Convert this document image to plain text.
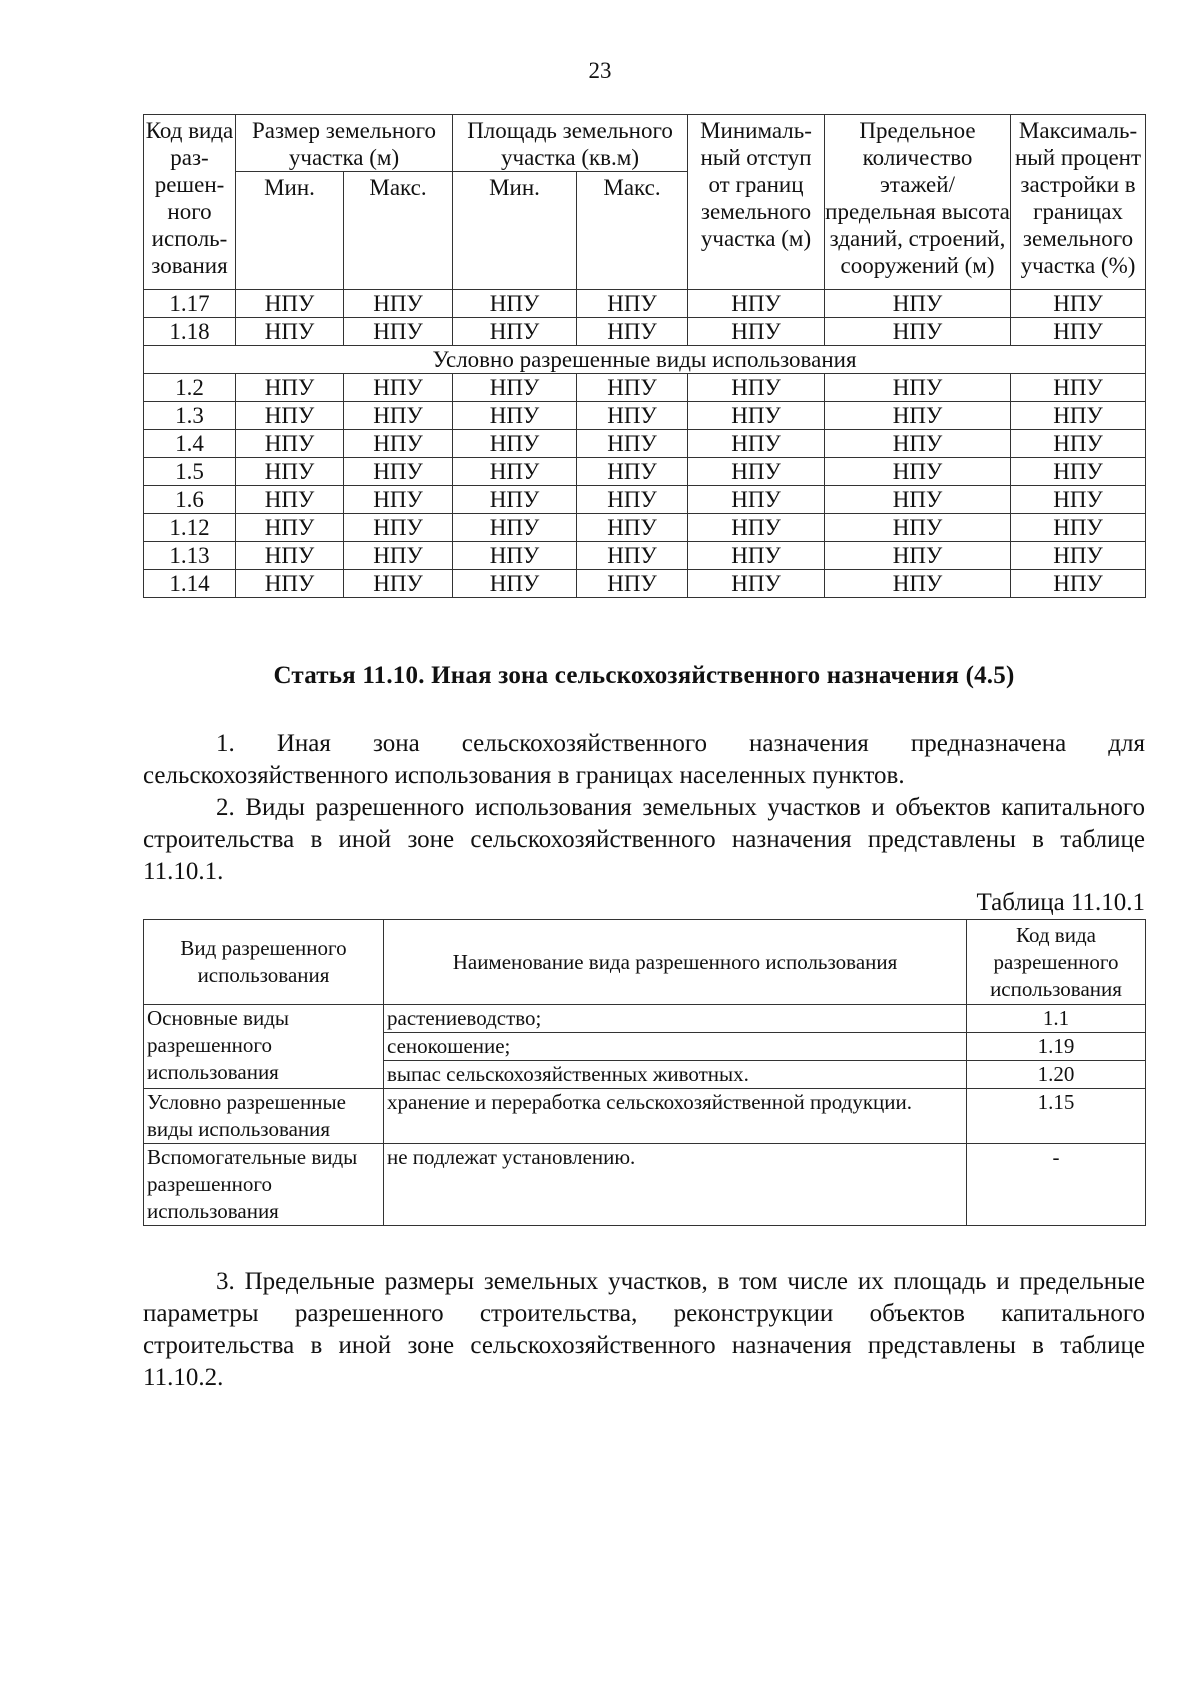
23
Код вида раз-решен-ного исполь-зования	Размер земельного участка (м)		Площадь земельного участка (кв.м)		Минималь-ный отступ от границ земельного участка (м)	Предельное количество этажей/ предельная высота зданий, строений, сооружений (м)	Максималь-ный процент застройки в границах земельного участка (%)
	Мин.	Макс.	Мин.	Макс.			
1.17	НПУ	НПУ	НПУ	НПУ	НПУ	НПУ	НПУ
1.18	НПУ	НПУ	НПУ	НПУ	НПУ	НПУ	НПУ
Условно разрешенные виды использования							
1.2	НПУ	НПУ	НПУ	НПУ	НПУ	НПУ	НПУ
1.3	НПУ	НПУ	НПУ	НПУ	НПУ	НПУ	НПУ
1.4	НПУ	НПУ	НПУ	НПУ	НПУ	НПУ	НПУ
1.5	НПУ	НПУ	НПУ	НПУ	НПУ	НПУ	НПУ
1.6	НПУ	НПУ	НПУ	НПУ	НПУ	НПУ	НПУ
1.12	НПУ	НПУ	НПУ	НПУ	НПУ	НПУ	НПУ
1.13	НПУ	НПУ	НПУ	НПУ	НПУ	НПУ	НПУ
1.14	НПУ	НПУ	НПУ	НПУ	НПУ	НПУ	НПУ
Статья 11.10. Иная зона сельскохозяйственного назначения (4.5)
1. Иная зона сельскохозяйственного назначения предназначена для сельскохозяйственного использования в границах населенных пунктов.
2. Виды разрешенного использования земельных участков и объектов капитального строительства в иной зоне сельскохозяйственного назначения представлены в таблице 11.10.1.
Таблица 11.10.1
Вид разрешенного использования	Наименование вида разрешенного использования	Код вида разрешенного использования
Основные виды разрешенного использования	растениеводство;	1.1
	сенокошение;	1.19
	выпас сельскохозяйственных животных.	1.20
Условно разрешенные виды использования	хранение и переработка сельскохозяйственной продукции.	1.15
Вспомогательные виды разрешенного использования	не подлежат установлению.	-
3. Предельные размеры земельных участков, в том числе их площадь и предельные параметры разрешенного строительства, реконструкции объектов капитального строительства в иной зоне сельскохозяйственного назначения представлены в таблице 11.10.2.
